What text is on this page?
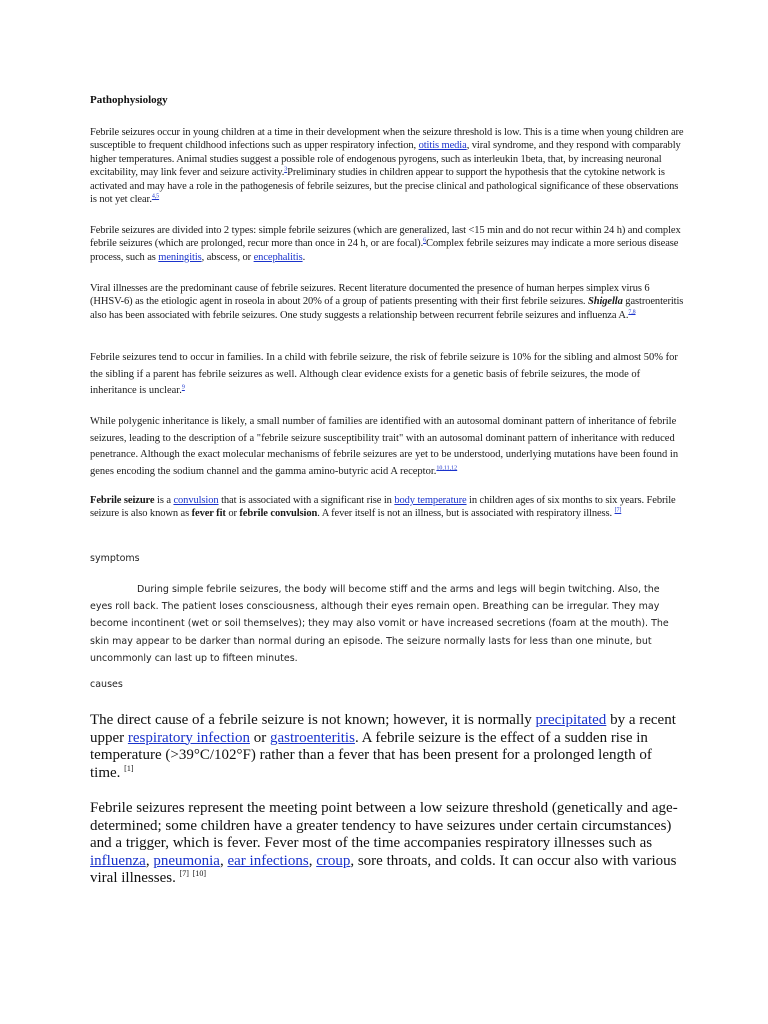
Pathophysiology

Febrile seizures occur in young children at a time in their development when the seizure threshold is low. This is a time when young children are susceptible to frequent childhood infections such as upper respiratory infection, otitis media, viral syndrome, and they respond with comparably higher temperatures. Animal studies suggest a possible role of endogenous pyrogens, such as interleukin 1beta, that, by increasing neuronal excitability, may link fever and seizure activity.$^3$Preliminary studies in children appear to support the hypothesis that the cytokine network is activated and may have a role in the pathogenesis of febrile seizures, but the precise clinical and pathological significance of these observations is not yet clear.$^{4,5}$

Febrile seizures are divided into 2 types: simple febrile seizures (which are generalized, last <15 min and do not recur within 24 h) and complex febrile seizures (which are prolonged, recur more than once in 24 h, or are focal).$^6$Complex febrile seizures may indicate a more serious disease process, such as meningitis, abscess, or encephalitis.

Viral illnesses are the predominant cause of febrile seizures. Recent literature documented the presence of human herpes simplex virus 6 (HHSV-6) as the etiologic agent in roseola in about 20% of a group of patients presenting with their first febrile seizures. Shigella gastroenteritis also has been associated with febrile seizures. One study suggests a relationship between recurrent febrile seizures and influenza A.$^{7,8}$

Febrile seizures tend to occur in families. In a child with febrile seizure, the risk of febrile seizure is 10% for the sibling and almost 50% for the sibling if a parent has febrile seizures as well. Although clear evidence exists for a genetic basis of febrile seizures, the mode of inheritance is unclear.$^9$

While polygenic inheritance is likely, a small number of families are identified with an autosomal dominant pattern of inheritance of febrile seizures, leading to the description of a "febrile seizure susceptibility trait" with an autosomal dominant pattern of inheritance with reduced penetrance. Although the exact molecular mechanisms of febrile seizures are yet to be understood, underlying mutations have been found in genes encoding the sodium channel and the gamma amino-butyric acid A receptor.$^{10,11,12}$

Febrile seizure is a convulsion that is associated with a significant rise in body temperature in children ages of six months to six years. Febrile seizure is also known as fever fit or febrile convulsion. A fever itself is not an illness, but is associated with respiratory illness. [7]

symptoms

During simple febrile seizures, the body will become stiff and the arms and legs will begin twitching. Also, the eyes roll back. The patient loses consciousness, although their eyes remain open. Breathing can be irregular. They may become incontinent (wet or soil themselves); they may also vomit or have increased secretions (foam at the mouth). The skin may appear to be darker than normal during an episode. The seizure normally lasts for less than one minute, but uncommonly can last up to fifteen minutes.

causes

The direct cause of a febrile seizure is not known; however, it is normally precipitated by a recent upper respiratory infection or gastroenteritis. A febrile seizure is the effect of a sudden rise in temperature (>39°C/102°F) rather than a fever that has been present for a prolonged length of time. [1]

Febrile seizures represent the meeting point between a low seizure threshold (genetically and age-determined; some children have a greater tendency to have seizures under certain circumstances) and a trigger, which is fever. Fever most of the time accompanies respiratory illnesses such as influenza, pneumonia, ear infections, croup, sore throats, and colds. It can occur also with various viral illnesses. [7] [10]
